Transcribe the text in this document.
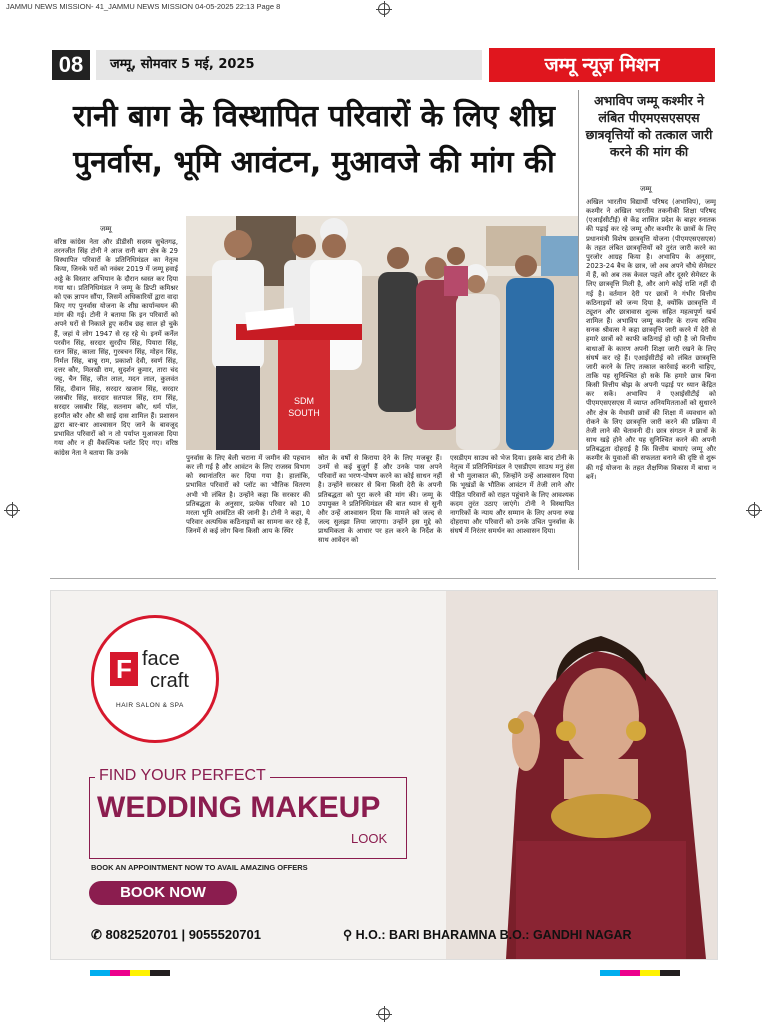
JAMMU NEWS MISSION- 41_JAMMU NEWS MISSION 04-05-2025 22:13 Page 8
08	जम्मू, सोमवार 5 मई, 2025	जम्मू न्यूज़ मिशन
रानी बाग के विस्थापित परिवारों के लिए शीघ्र
पुनर्वास, भूमि आवंटन, मुआवजे की मांग की
अभाविप जम्मू कश्मीर ने लंबित पीएमएसएसएस छात्रवृत्तियों को तत्काल जारी करने की मांग की
जम्मू
अखिल भारतीय विद्यार्थी परिषद (अभाविप), जम्मू कश्मीर ने अखिल भारतीय तकनीकी शिक्षा परिषद (एआईसीटीई) से केंद्र शासित प्रदेश के बाहर स्नातक की पढ़ाई कर रहे जम्मू और कश्मीर के छात्रों के लिए प्रधानमंत्री विशेष छात्रवृत्ति योजना (पीएमएसएसएस) के तहत लंबित छात्रवृत्तियों को तुरंत जारी करने का पुरजोर आग्रह किया है। अभाविप के अनुसार, 2023-24 बैच के छात्र, जो अब अपने चौथे सेमेस्टर में हैं, को अब तक केवल पहले और दूसरे सेमेस्टर के लिए छात्रवृत्ति मिली है, और आगे कोई राशि नहीं दी गई है। वर्तमान देरी पर छात्रों ने गंभीर वित्तीय कठिनाइयों को जन्म दिया है, क्योंकि छात्रवृत्ति में ट्यूशन और छात्रावास शुल्क सहित महत्वपूर्ण खर्च शामिल हैं। अभाविप जम्मू कश्मीर के राज्य सचिव सनक श्रीवत्स ने कहा छात्रवृत्ति जारी करने में देरी से हमारे छात्रों को काफी कठिनाई हो रही है जो वित्तीय बाधाओं के कारण अपनी शिक्षा जारी रखने के लिए संघर्ष कर रहे हैं। एआईसीटीई को लंबित छात्रवृत्ति जारी करने के लिए तत्काल कार्रवाई करनी चाहिए, ताकि यह सुनिश्चित हो सके कि हमारे छात्र बिना किसी वित्तीय बोझ के अपनी पढ़ाई पर ध्यान केंद्रित कर सकें। अभाविप ने एआईसीटीई को पीएमएसएसएस में व्याप्त अनियमितताओं को सुधारने और क्षेत्र के मेधावी छात्रों की शिक्षा में व्यवधान को रोकने के लिए छात्रवृत्ति जारी करने की प्रक्रिया में तेजी लाने की चेतावनी दी। छात्र संगठन ने छात्रों के साथ खड़े होने और यह सुनिश्चित करने की अपनी प्रतिबद्धता दोहराई है कि वित्तीय बाधाएं जम्मू और कश्मीर के युवाओं की सफलता बनाने की दृष्टि से शुरू की गई योजना के तहत शैक्षणिक विकास में बाधा न बनें।
जम्मू
वरिष्ठ कांग्रेस नेता और डीडीसी सदस्य सुचेतगढ़, तरनजीत सिंह टोनी ने आज रानी बाग क्षेत्र के 29 विस्थापित परिवारों के प्रतिनिधिमंडल का नेतृत्व किया, जिनके घरों को नवंबर 2019 में जम्मू हवाई अड्डे के विस्तार अभियान के दौरान ध्वस्त कर दिया गया था। प्रतिनिधिमंडल ने जम्मू के डिप्टी कमिश्नर को एक ज्ञापन सौंपा, जिसमें अधिकारियों द्वारा वादा किए गए पुनर्वास योजना के शीघ्र कार्यान्वयन की मांग की गई। टोनी ने बताया कि इन परिवारों को अपने घरों से निकाले हुए करीब छह साल हो चुके हैं, जहां ये लोग 1947 से रह रहे थे। इनमें कर्नेल परवीन सिंह, सरदार सुरदीप सिंह, पियारा सिंह, रतन सिंह, काला सिंह, गुरबचन सिंह, मोहन सिंह, निर्मल सिंह, बाबू राम, प्रकाशो देवी, स्वर्ण सिंह, दत्तर कौर, मिलखी राम, सुदर्शन कुमार, तारा चंद जट्ट, चैन सिंह, जीत लाल, मदन लाल, कुलवंत सिंह, दीवान सिंह, सरदार खजान सिंह, सरदार जसबीर सिंह, सरदार सतपाल सिंह, राम सिंह, सरदार जसबीर सिंह, सतनाम कौर, धर्म पॉल, हरमीत कौर और श्री साई दास शामिल हैं। प्रशासन द्वारा बार-बार आश्वासन दिए जाने के बावजूद प्रभावित परिवारों को न तो पर्याप्त मुआवजा दिया गया और न ही वैकल्पिक प्लॉट दिए गए। वरिष्ठ कांग्रेस नेता ने बताया कि उनके
पुनर्वास के लिए बेली चराना में जमीन की पहचान कर ली गई है और आवंटन के लिए राजस्व विभाग को स्थानांतरित कर दिया गया है। हालांकि, प्रभावित परिवारों को प्लॉट का भौतिक वितरण अभी भी लंबित है। उन्होंने कहा कि सरकार की प्रतिबद्धता के अनुसार, प्रत्येक परिवार को 10 मरला भूमि आवंटित की जानी है। टोनी ने कहा, ये परिवार अत्यधिक कठिनाइयों का सामना कर रहे हैं, जिनमें से कई लोग बिना किसी आय के स्थिर
स्रोत के वर्षों से किराया देने के लिए मजबूर हैं। उनमें से कई बुजुर्ग हैं और उनके पास अपने परिवारों का भरण-पोषण करने का कोई साधन नहीं है। उन्होंने सरकार से बिना किसी देरी के अपनी प्रतिबद्धता को पूरा करने की मांग की। जम्मू के उपायुक्त ने प्रतिनिधिमंडल की बात ध्यान से सुनी और उन्हें आश्वासन दिया कि मामले को जल्द से जल्द सुलझा लिया जाएगा। उन्होंने इस मुद्दे को प्राथमिकता के आधार पर हल करने के निर्देश के साथ आवेदन को
एसडीएम साउथ को भेज दिया। इसके बाद टोनी के नेतृत्व में प्रतिनिधिमंडल ने एसडीएम साउथ मनु हंस से भी मुलाकात की, जिन्होंने उन्हें आश्वासन दिया कि भूखंडों के भौतिक आवंटन में तेजी लाने और पीड़ित परिवारों को राहत पहुंचाने के लिए आवश्यक कदम तुरंत उठाए जाएंगे। टोनी ने विस्थापित नागरिकों के न्याय और सम्मान के लिए अपना रुख दोहराया और परिवारों को उनके उचित पुनर्वास के संघर्ष में निरंतर समर्थन का आश्वासन दिया।
SDM
SOUTH
F face
craft
HAIR SALON & SPA
FIND YOUR PERFECT
WEDDING MAKEUP
LOOK
BOOK AN APPOINTMENT NOW TO AVAIL AMAZING OFFERS
BOOK NOW
✆ 8082520701 | 9055520701	⚲ H.O.: BARI BHARAMNA B.O.: GANDHI NAGAR
